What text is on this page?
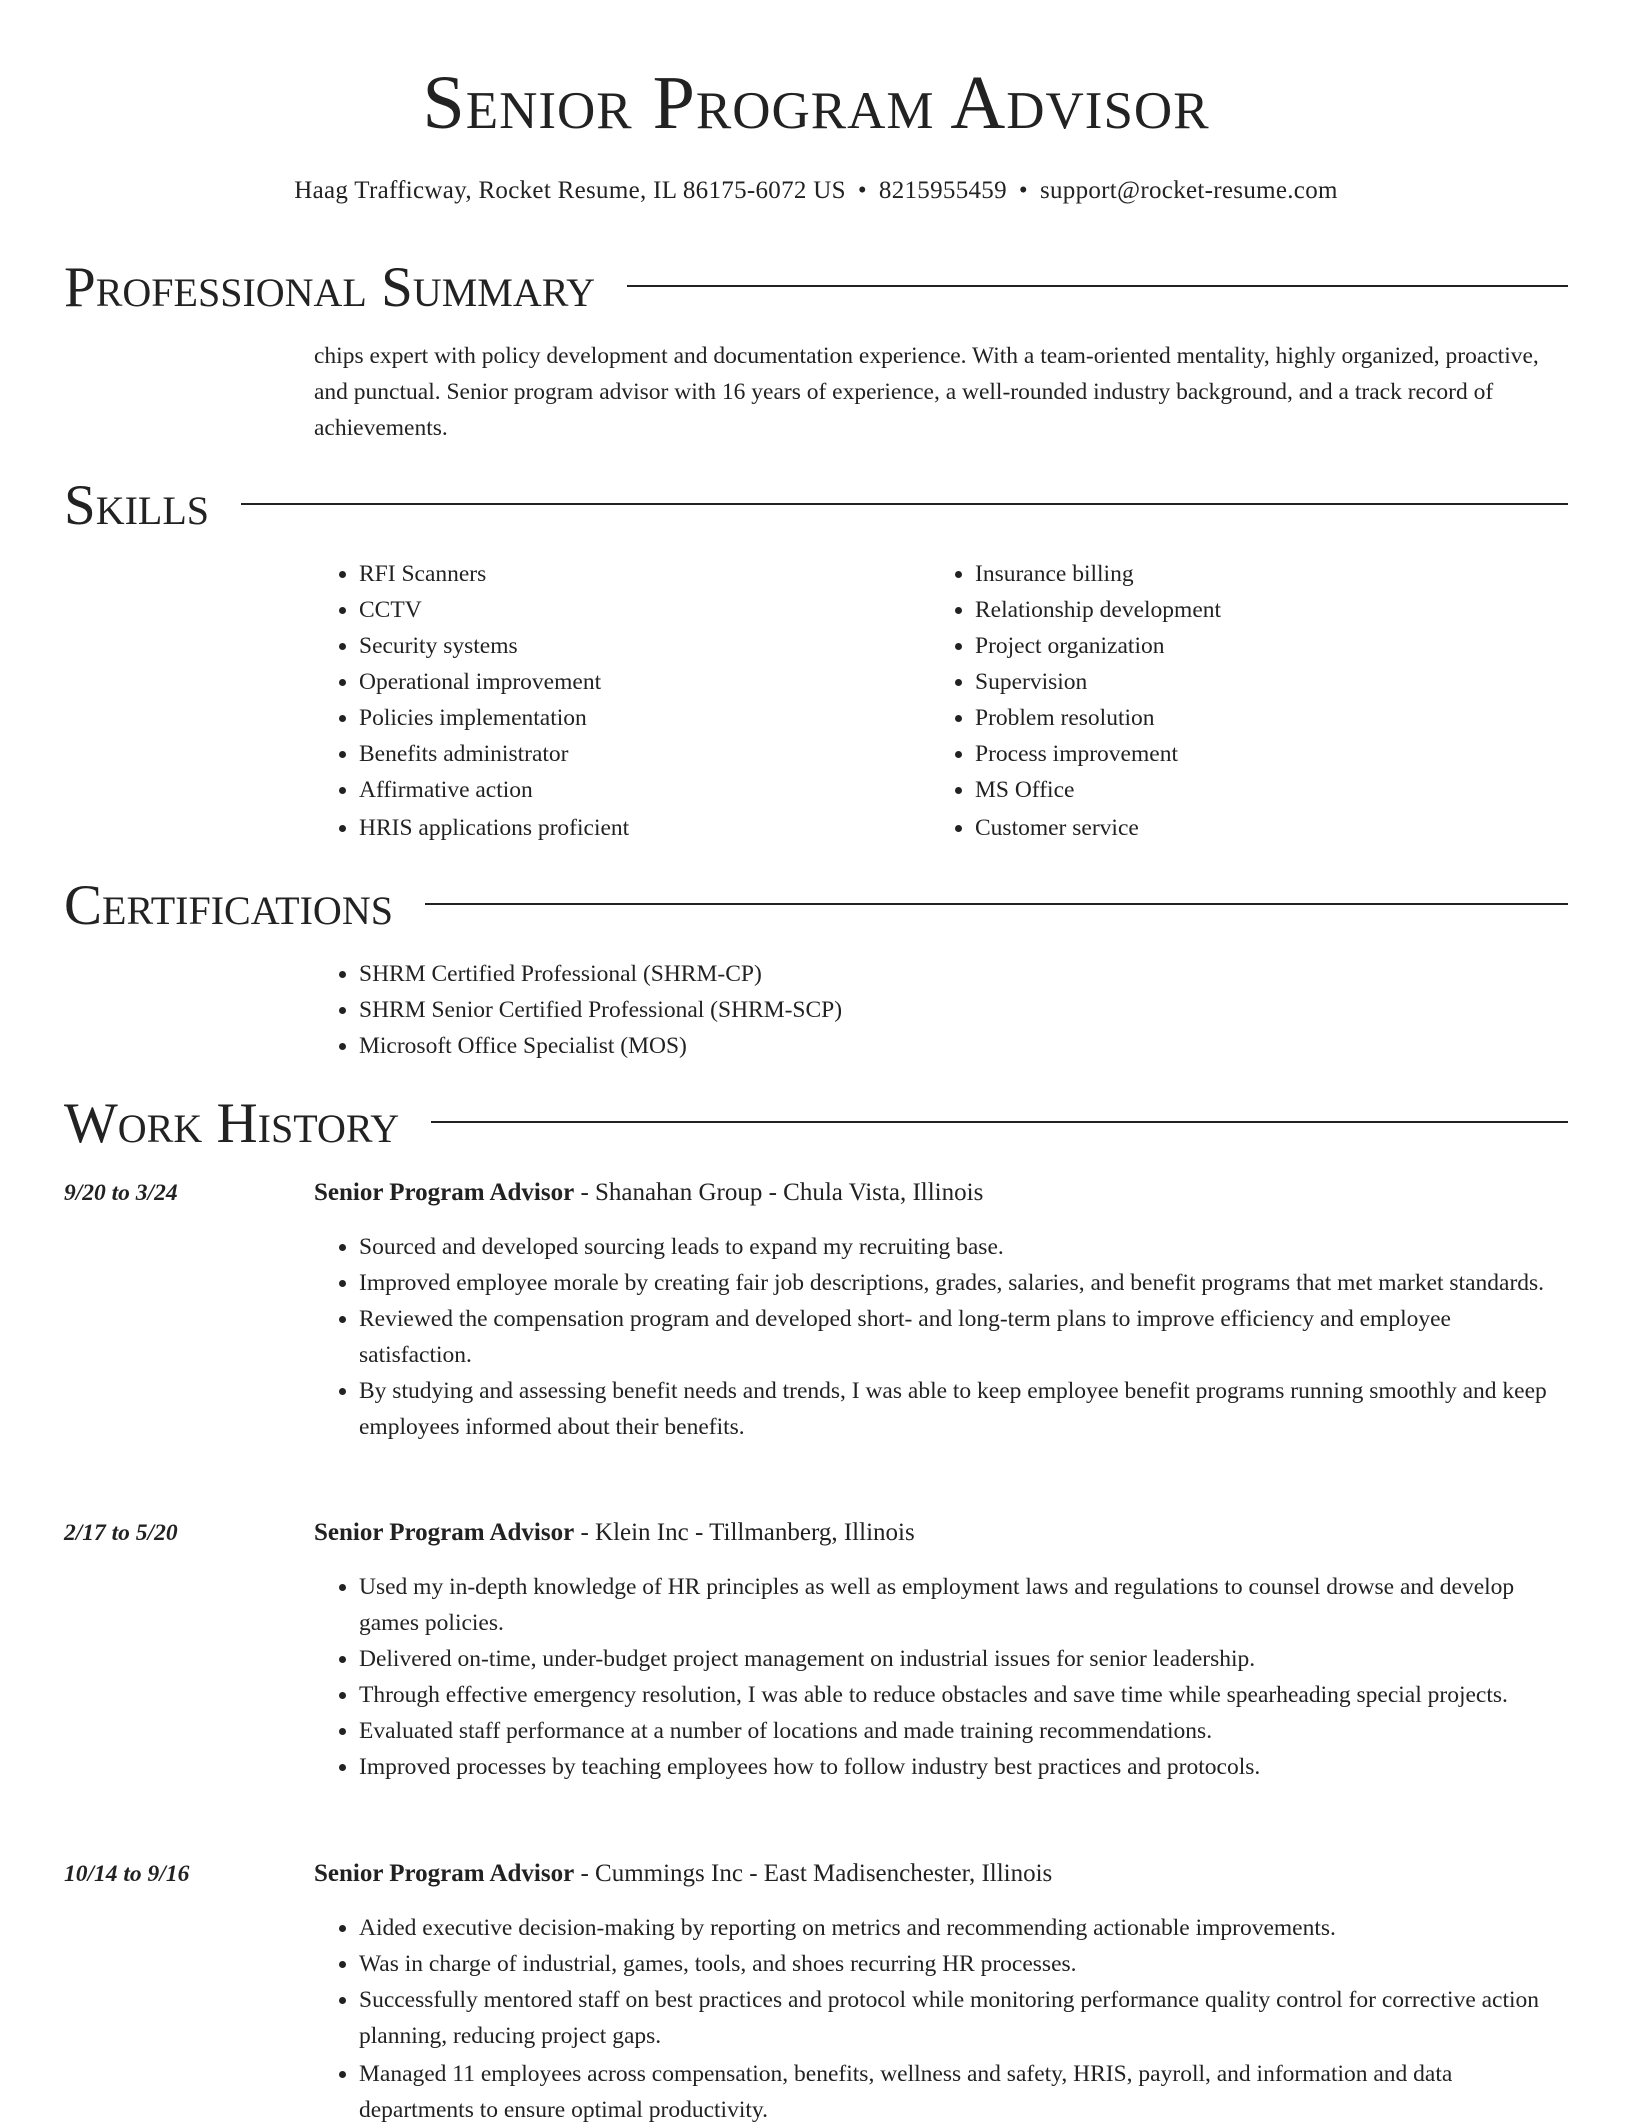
Senior Program Advisor
Haag Trafficway, Rocket Resume, IL 86175-6072 US • 8215955459 • support@rocket-resume.com
Professional Summary

chips expert with policy development and documentation experience. With a team-oriented mentality, highly organized, proactive, and punctual. Senior program advisor with 16 years of experience, a well-rounded industry background, and a track record of achievements.

Skills
• RFI Scanners
• CCTV
• Security systems
• Operational improvement
• Policies implementation
• Benefits administrator
• Affirmative action
• HRIS applications proficient
• Insurance billing
• Relationship development
• Project organization
• Supervision
• Problem resolution
• Process improvement
• MS Office
• Customer service
Certifications
• SHRM Certified Professional (SHRM-CP)
• SHRM Senior Certified Professional (SHRM-SCP)
• Microsoft Office Specialist (MOS)
Work History
9/20 to 3/24	Senior Program Advisor - Shanahan Group - Chula Vista, Illinois
• Sourced and developed sourcing leads to expand my recruiting base.
• Improved employee morale by creating fair job descriptions, grades, salaries, and benefit programs that met market standards.
• Reviewed the compensation program and developed short- and long-term plans to improve efficiency and employee satisfaction.
• By studying and assessing benefit needs and trends, I was able to keep employee benefit programs running smoothly and keep employees informed about their benefits.
2/17 to 5/20	Senior Program Advisor - Klein Inc - Tillmanberg, Illinois
• Used my in-depth knowledge of HR principles as well as employment laws and regulations to counsel drowse and develop games policies.
• Delivered on-time, under-budget project management on industrial issues for senior leadership.
• Through effective emergency resolution, I was able to reduce obstacles and save time while spearheading special projects.
• Evaluated staff performance at a number of locations and made training recommendations.
• Improved processes by teaching employees how to follow industry best practices and protocols.
10/14 to 9/16	Senior Program Advisor - Cummings Inc - East Madisenchester, Illinois
• Aided executive decision-making by reporting on metrics and recommending actionable improvements.
• Was in charge of industrial, games, tools, and shoes recurring HR processes.
• Successfully mentored staff on best practices and protocol while monitoring performance quality control for corrective action planning, reducing project gaps.
• Managed 11 employees across compensation, benefits, wellness and safety, HRIS, payroll, and information and data departments to ensure optimal productivity.
